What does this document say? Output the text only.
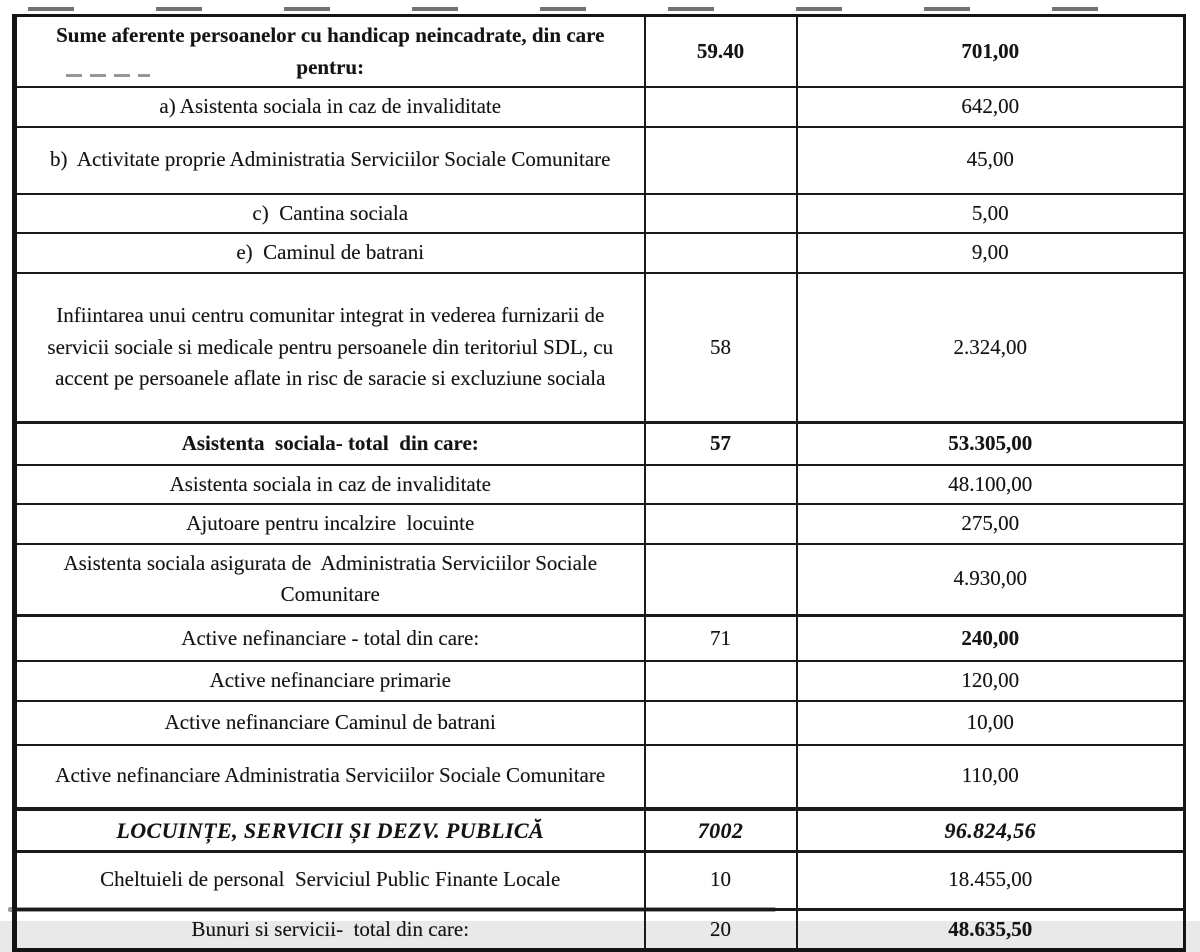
Sume aferente persoanelor cu handicap neincadrate, din care pentru:	59.40	701,00
a) Asistenta sociala in caz de invaliditate		642,00
b)  Activitate proprie Administratia Serviciilor Sociale Comunitare		45,00
c)  Cantina sociala		5,00
e)  Caminul de batrani		9,00
Infiintarea unui centru comunitar integrat in vederea furnizarii de servicii sociale si medicale pentru persoanele din teritoriul SDL, cu accent pe persoanele aflate in risc de saracie si excluziune sociala	58	2.324,00
Asistenta  sociala- total  din care:	57	53.305,00
Asistenta sociala in caz de invaliditate		48.100,00
Ajutoare pentru incalzire  locuinte		275,00
Asistenta sociala asigurata de  Administratia Serviciilor Sociale Comunitare		4.930,00
Active nefinanciare - total din care:	71	240,00
Active nefinanciare primarie		120,00
Active nefinanciare Caminul de batrani		10,00
Active nefinanciare Administratia Serviciilor Sociale Comunitare		110,00
LOCUINȚE, SERVICII ȘI DEZV. PUBLICĂ	7002	96.824,56
Cheltuieli de personal  Serviciul Public Finante Locale	10	18.455,00
Bunuri si servicii-  total din care:	20	48.635,50
